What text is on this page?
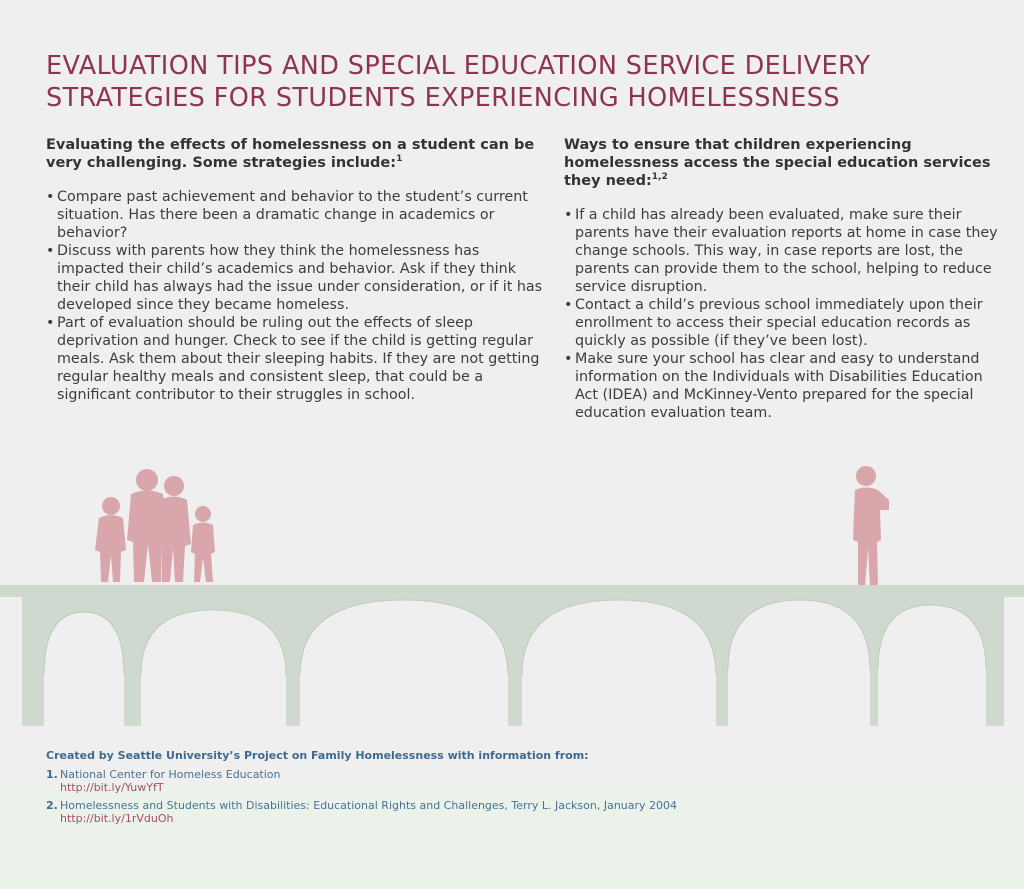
EVALUATION TIPS AND SPECIAL EDUCATION SERVICE DELIVERY
STRATEGIES FOR STUDENTS EXPERIENCING HOMELESSNESS
Evaluating the effects of homelessness on a student can be very challenging. Some strategies include:$^1$
• Compare past achievement and behavior to the student’s current situation. Has there been a dramatic change in academics or behavior?
• Discuss with parents how they think the homelessness has impacted their child’s academics and behavior. Ask if they think their child has always had the issue under consideration, or if it has developed since they became homeless.
• Part of evaluation should be ruling out the effects of sleep deprivation and hunger. Check to see if the child is getting regular meals. Ask them about their sleeping habits. If they are not getting regular healthy meals and consistent sleep, that could be a significant contributor to their struggles in school.
Ways to ensure that children experiencing homelessness access the special education services they need:$^{1,2}$
• If a child has already been evaluated, make sure their parents have their evaluation reports at home in case they change schools. This way, in case reports are lost, the parents can provide them to the school, helping to reduce service disruption.
• Contact a child’s previous school immediately upon their enrollment to access their special education records as quickly as possible (if they’ve been lost).
• Make sure your school has clear and easy to understand information on the Individuals with Disabilities Education Act (IDEA) and McKinney-Vento prepared for the special education evaluation team.
Created by Seattle University’s Project on Family Homelessness with information from:
1. National Center for Homeless Education
http://bit.ly/YuwYfT
2. Homelessness and Students with Disabilities: Educational Rights and Challenges, Terry L. Jackson, January 2004
http://bit.ly/1rVduOh
